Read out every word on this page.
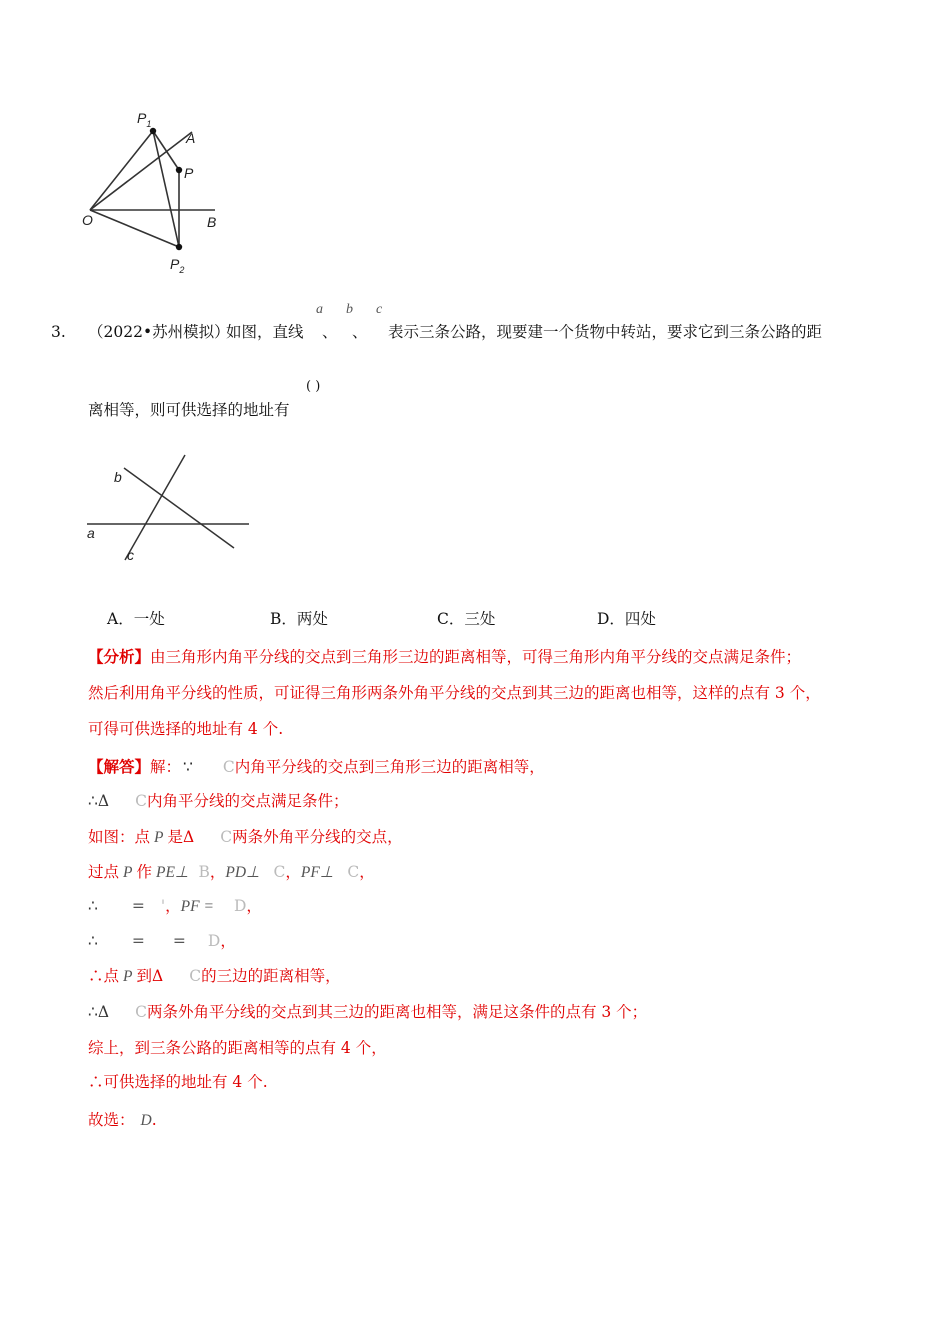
$P_1$
A
P
O	B
$P_2$
3. （2022•苏州模拟）
如图，直线
a
、
b
、
c
表示三条公路，现要建一个货物中转站，要求它到三条公路的距
( )
离相等，则可供选择的地址有
b
a
c
A．一处	B．两处	C．三处	D．四处
【分析】由三角形内角平分线的交点到三角形三边的距离相等，可得三角形内角平分线的交点满足条件；
然后利用角平分线的性质，可证得三角形两条外角平分线的交点到其三边的距离也相等，这样的点有 3 个，
可得可供选择的地址有 4 个.
【解答】解： ∵ C内角平分线的交点到三角形三边的距离相等，
∴Δ C内角平分线的交点满足条件；
如图：点 P 是Δ C两条外角平分线的交点，
过点 P 作 PE⊥ B，PD⊥ C，PF⊥ C，
∴ = '，PF = D，
∴ = = D，
∴点 P 到Δ C的三边的距离相等，
∴Δ C两条外角平分线的交点到其三边的距离也相等，满足这条件的点有 3 个；
综上，到三条公路的距离相等的点有 4 个，
∴可供选择的地址有 4 个.
故选： D.
